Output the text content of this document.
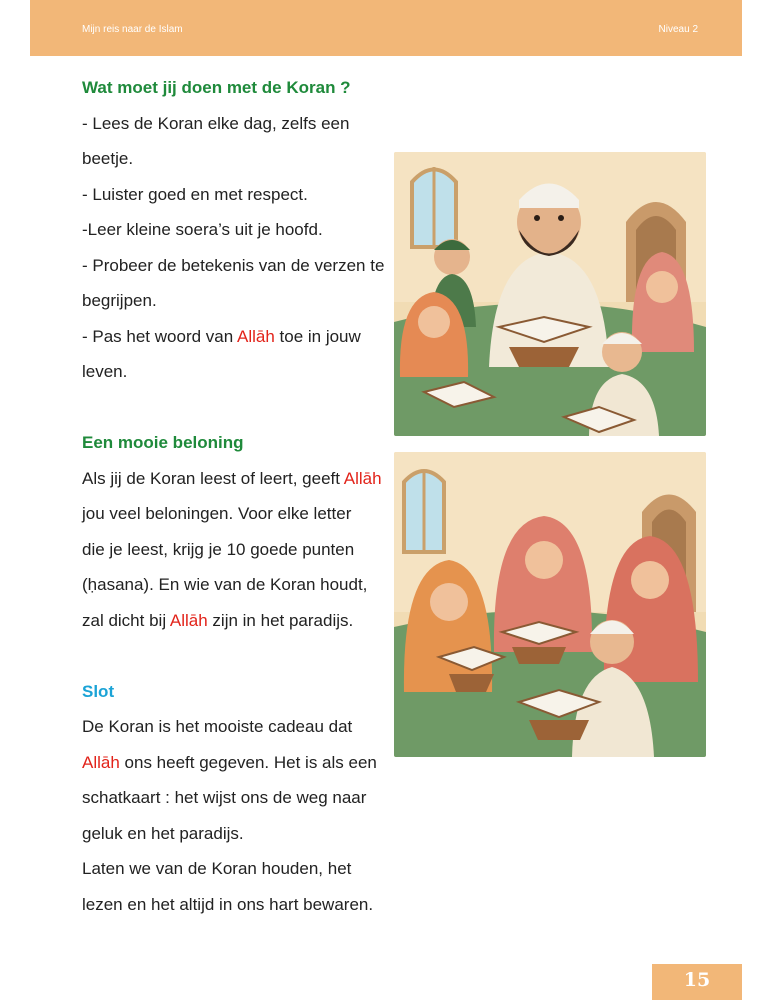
Mijn reis naar de Islam	Niveau 2
Wat moet jij doen met de Koran ?

- Lees de Koran elke dag, zelfs een

beetje.

- Luister goed en met respect.

-Leer kleine soera’s uit je hoofd.

- Probeer de betekenis van de verzen te

begrijpen.

- Pas het woord van Allāh toe in jouw

leven.

Een mooie beloning

Als jij de Koran leest of leert, geeft Allāh

jou veel beloningen. Voor elke letter

die je leest, krijg je 10 goede punten

(ḥasana). En wie van de Koran houdt,

zal dicht bij Allāh zijn in het paradijs.

Slot

De Koran is het mooiste cadeau dat

Allāh ons heeft gegeven. Het is als een

schatkaart : het wijst ons de weg naar

geluk en het paradijs.

Laten we van de Koran houden, het

lezen en het altijd in ons hart bewaren.

15
